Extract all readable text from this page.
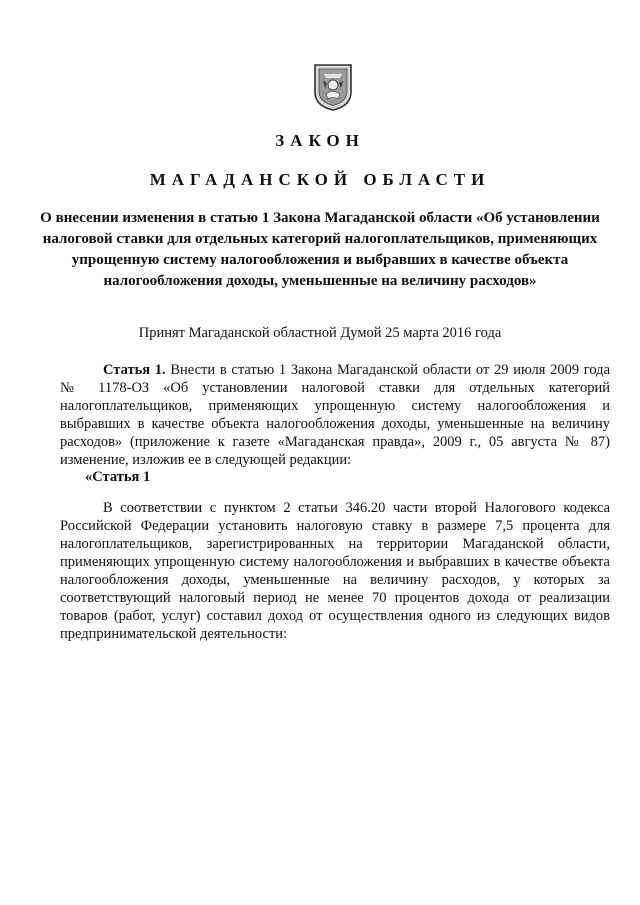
ЗАКОН
МАГАДАНСКОЙ ОБЛАСТИ
О внесении изменения в статью 1 Закона Магаданской области «Об установлении налоговой ставки для отдельных категорий налогоплательщиков, применяющих упрощенную систему налогообложения и выбравших в качестве объекта налогообложения доходы, уменьшенные на величину расходов»
Принят Магаданской областной Думой 25 марта 2016 года
Статья 1. Внести в статью 1 Закона Магаданской области от 29 июля 2009 года № 1178-ОЗ «Об установлении налоговой ставки для отдельных категорий налогоплательщиков, применяющих упрощенную систему налогообложения и выбравших в качестве объекта налогообложения доходы, уменьшенные на величину расходов» (приложение к газете «Магаданская правда», 2009 г., 05 августа № 87) изменение, изложив ее в следующей редакции:
«Статья 1
В соответствии с пунктом 2 статьи 346.20 части второй Налогового кодекса Российской Федерации установить налоговую ставку в размере 7,5 процента для налогоплательщиков, зарегистрированных на территории Магаданской области, применяющих упрощенную систему налогообложения и выбравших в качестве объекта налогообложения доходы, уменьшенные на величину расходов, у которых за соответствующий налоговый период не менее 70 процентов дохода от реализации товаров (работ, услуг) составил доход от осуществления одного из следующих видов предпринимательской деятельности:
